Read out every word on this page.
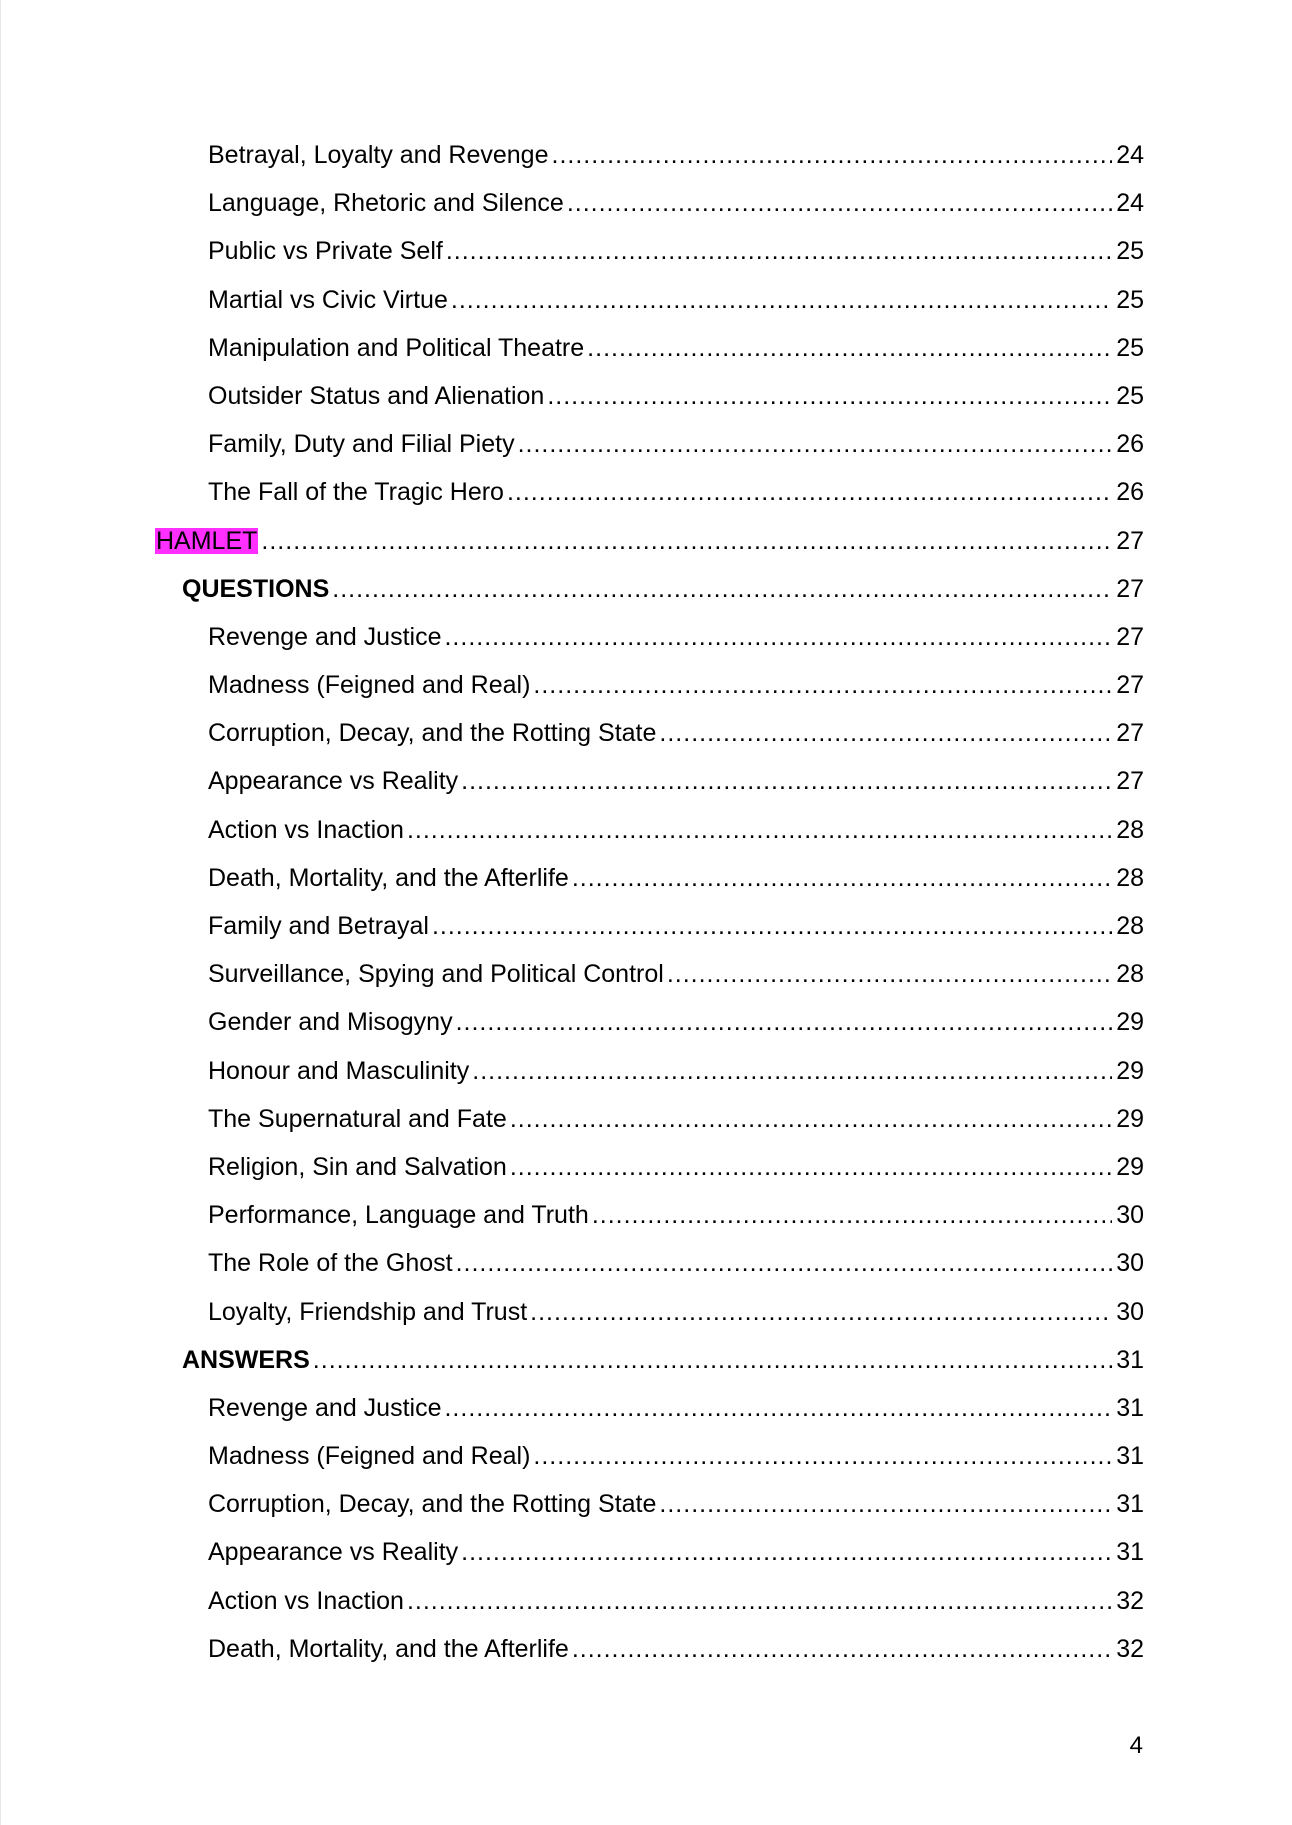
Betrayal, Loyalty and Revenge .....	24
Language, Rhetoric and Silence .....	24
Public vs Private Self .....	25
Martial vs Civic Virtue .....	25
Manipulation and Political Theatre .....	25
Outsider Status and Alienation .....	25
Family, Duty and Filial Piety .....	26
The Fall of the Tragic Hero .....	26
HAMLET .....	27
QUESTIONS .....	27
Revenge and Justice .....	27
Madness (Feigned and Real) .....	27
Corruption, Decay, and the Rotting State .....	27
Appearance vs Reality .....	27
Action vs Inaction .....	28
Death, Mortality, and the Afterlife .....	28
Family and Betrayal .....	28
Surveillance, Spying and Political Control .....	28
Gender and Misogyny .....	29
Honour and Masculinity .....	29
The Supernatural and Fate .....	29
Religion, Sin and Salvation .....	29
Performance, Language and Truth .....	30
The Role of the Ghost .....	30
Loyalty, Friendship and Trust .....	30
ANSWERS .....	31
Revenge and Justice .....	31
Madness (Feigned and Real) .....	31
Corruption, Decay, and the Rotting State .....	31
Appearance vs Reality .....	31
Action vs Inaction .....	32
Death, Mortality, and the Afterlife .....	32
4
